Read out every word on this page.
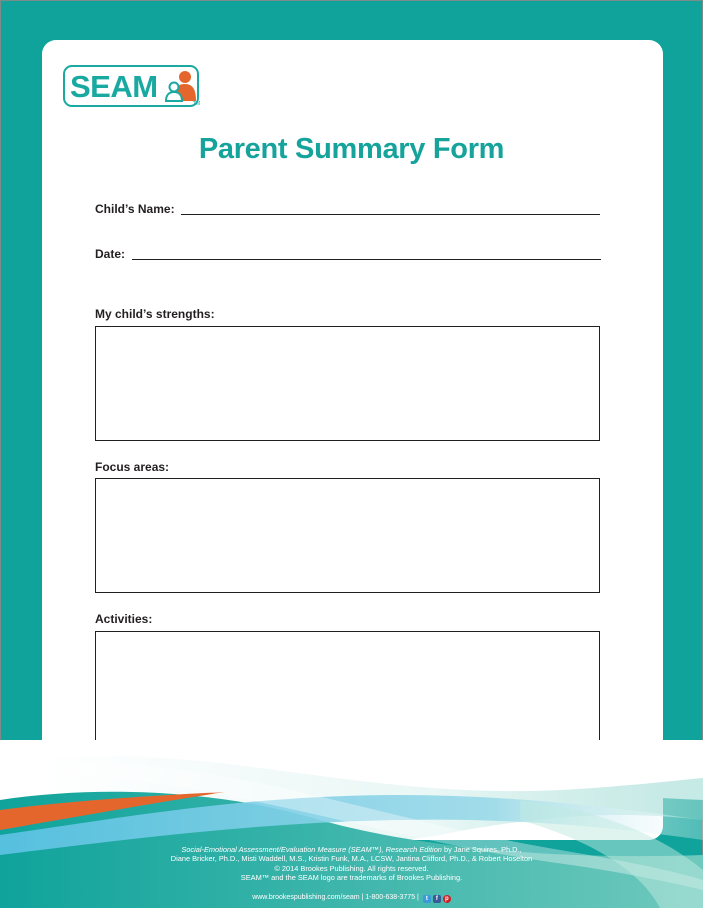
SEAM	TM
Parent Summary Form
Child’s Name:
Date:
My child’s strengths:
Focus areas:
Activities:
Social-Emotional Assessment/Evaluation Measure (SEAM™), Research Edition by Jane Squires, Ph.D.,
Diane Bricker, Ph.D., Misti Waddell, M.S., Kristin Funk, M.A., LCSW, Jantina Clifford, Ph.D., & Robert Hoselton
© 2014 Brookes Publishing. All rights reserved.
SEAM™ and the SEAM logo are trademarks of Brookes Publishing.
www.brookespublishing.com/seam | 1-800-638-3775 | t f p
